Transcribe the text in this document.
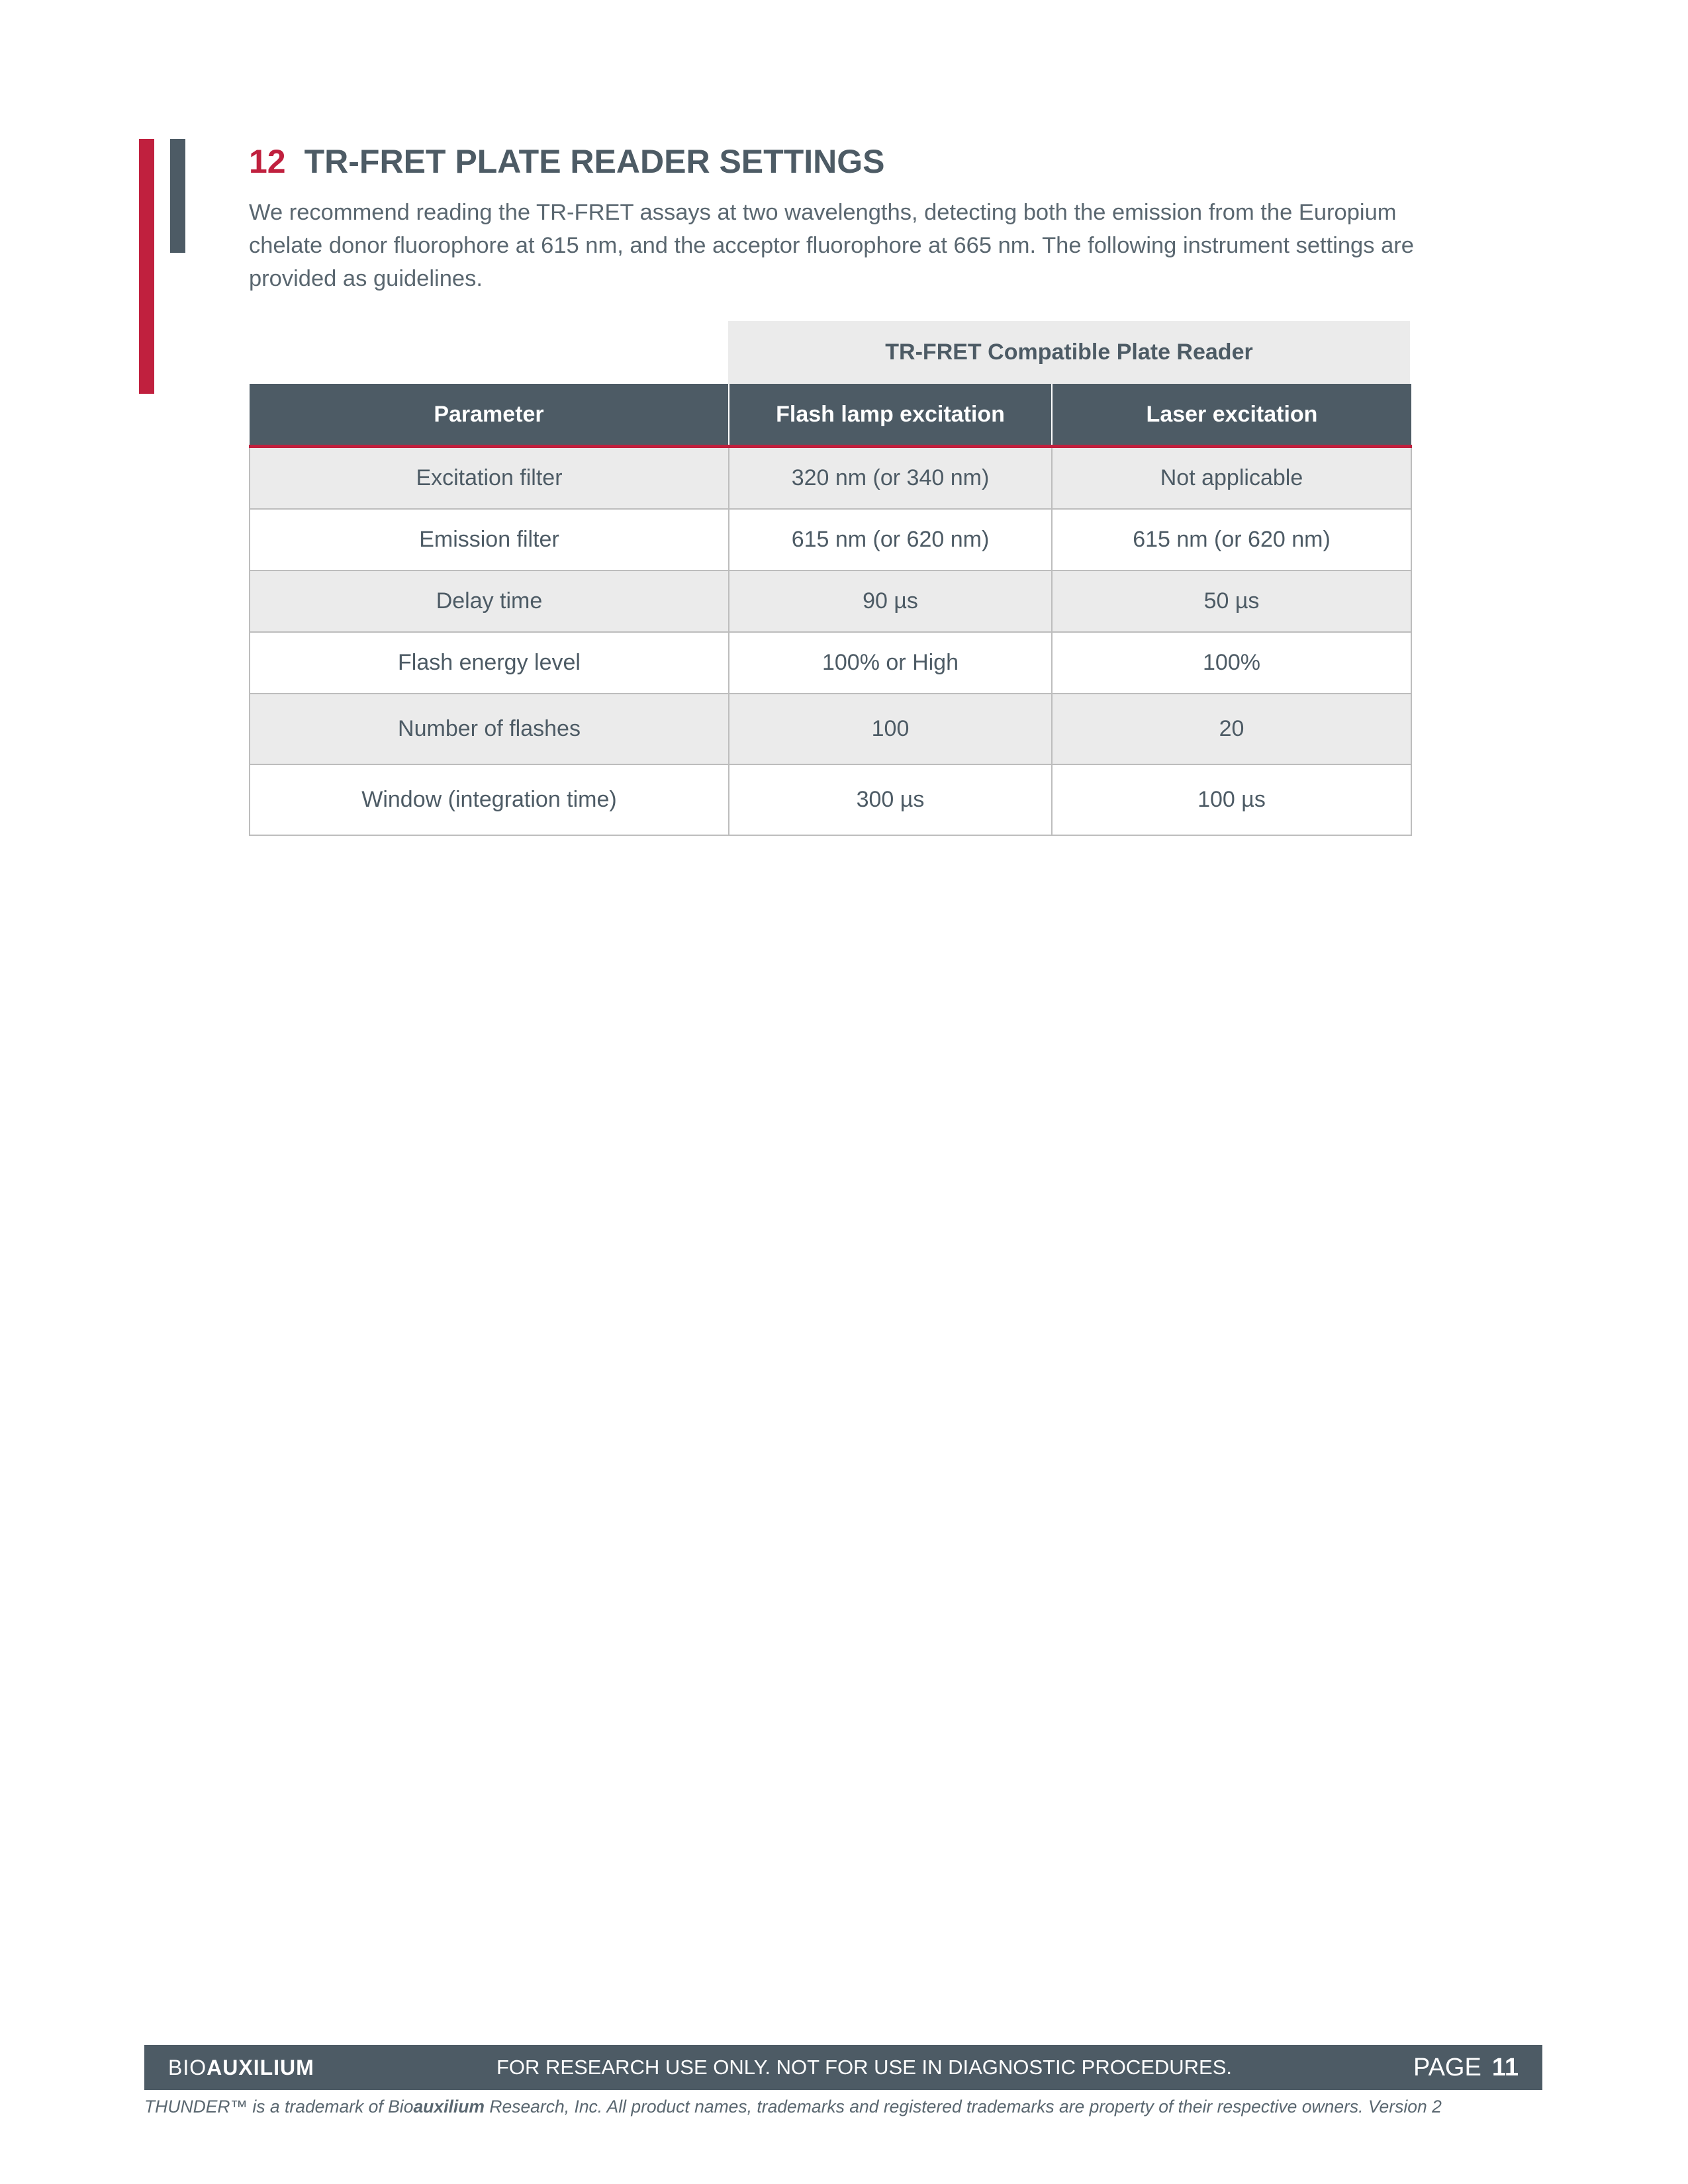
12 TR-FRET PLATE READER SETTINGS

We recommend reading the TR-FRET assays at two wavelengths, detecting both the emission from the Europium chelate donor fluorophore at 615 nm, and the acceptor fluorophore at 665 nm. The following instrument settings are provided as guidelines.

TR-FRET Compatible Plate Reader
Parameter	Flash lamp excitation	Laser excitation
Excitation filter	320 nm (or 340 nm)	Not applicable
Emission filter	615 nm (or 620 nm)	615 nm (or 620 nm)
Delay time	90 µs	50 µs
Flash energy level	100% or High	100%
Number of flashes	100	20
Window (integration time)	300 µs	100 µs
BIOAUXILIUM	FOR RESEARCH USE ONLY. NOT FOR USE IN DIAGNOSTIC PROCEDURES.	PAGE 11

THUNDER™ is a trademark of Bioauxilium Research, Inc. All product names, trademarks and registered trademarks are property of their respective owners. Version 2
